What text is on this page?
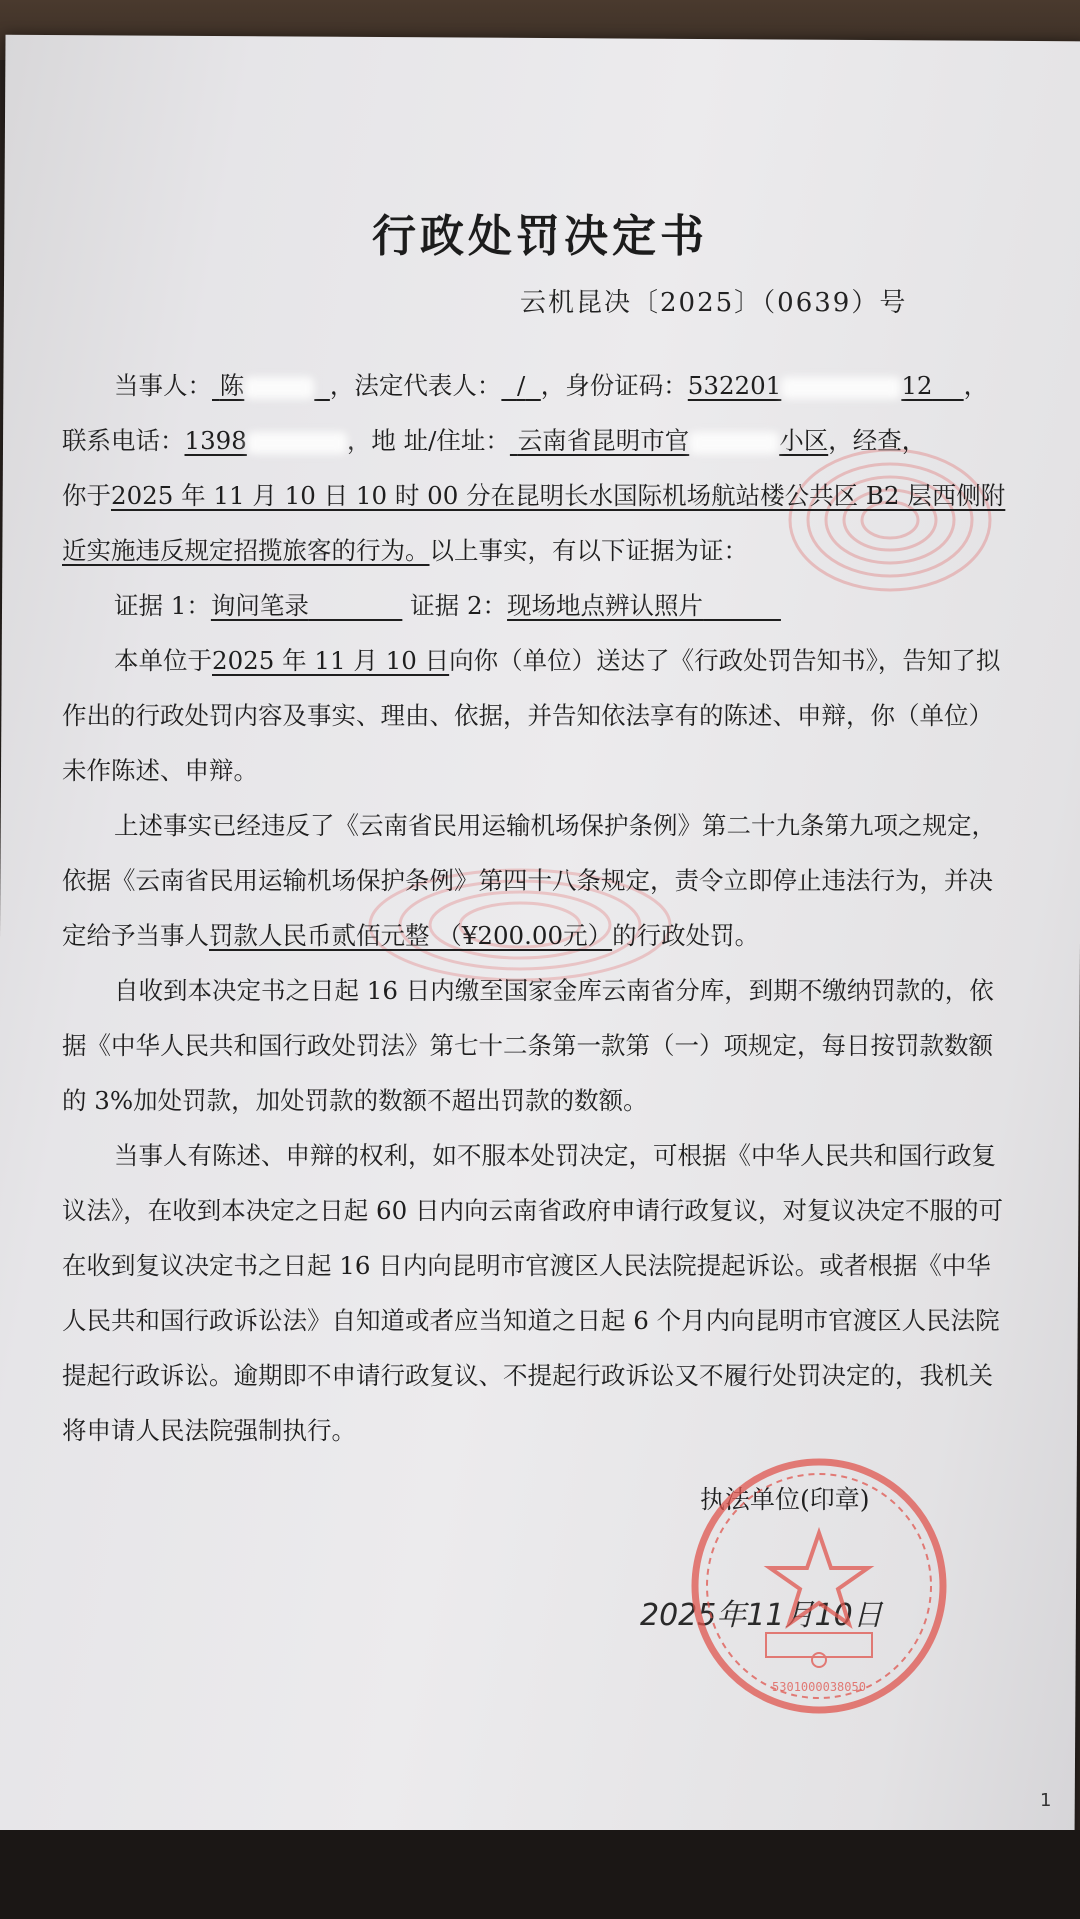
行政处罚决定书
云机昆决〔2025〕（0639）号

当事人： 陈	，法定代表人： / ，身份证码：532201	12 ，

联系电话：1398	，地 址/住址： 云南省昆明市官	小区，经查，

你于2025 年 11 月 10 日 10 时 00 分在昆明长水国际机场航站楼公共区 B2 层西侧附近实施违反规定招揽旅客的行为。以上事实，有以下证据为证：

证据 1：询问笔录	证据 2：现场地点辨认照片

本单位于2025 年 11 月 10 日向你（单位）送达了《行政处罚告知书》，告知了拟作出的行政处罚内容及事实、理由、依据，并告知依法享有的陈述、申辩，你（单位）未作陈述、申辩。

上述事实已经违反了《云南省民用运输机场保护条例》第二十九条第九项之规定，依据《云南省民用运输机场保护条例》第四十八条规定，责令立即停止违法行为，并决定给予当事人罚款人民币贰佰元整 （¥200.00元）的行政处罚。

自收到本决定书之日起 16 日内缴至国家金库云南省分库，到期不缴纳罚款的，依据《中华人民共和国行政处罚法》第七十二条第一款第（一）项规定，每日按罚款数额的 3%加处罚款，加处罚款的数额不超出罚款的数额。

当事人有陈述、申辩的权利，如不服本处罚决定，可根据《中华人民共和国行政复议法》，在收到本决定之日起 60 日内向云南省政府申请行政复议，对复议决定不服的可在收到复议决定书之日起 16 日内向昆明市官渡区人民法院提起诉讼。或者根据《中华人民共和国行政诉讼法》自知道或者应当知道之日起 6 个月内向昆明市官渡区人民法院提起行政诉讼。逾期即不申请行政复议、不提起行政诉讼又不履行处罚决定的，我机关将申请人民法院强制执行。

执法单位(印章)
2025年11月10日
5301000038050
1
